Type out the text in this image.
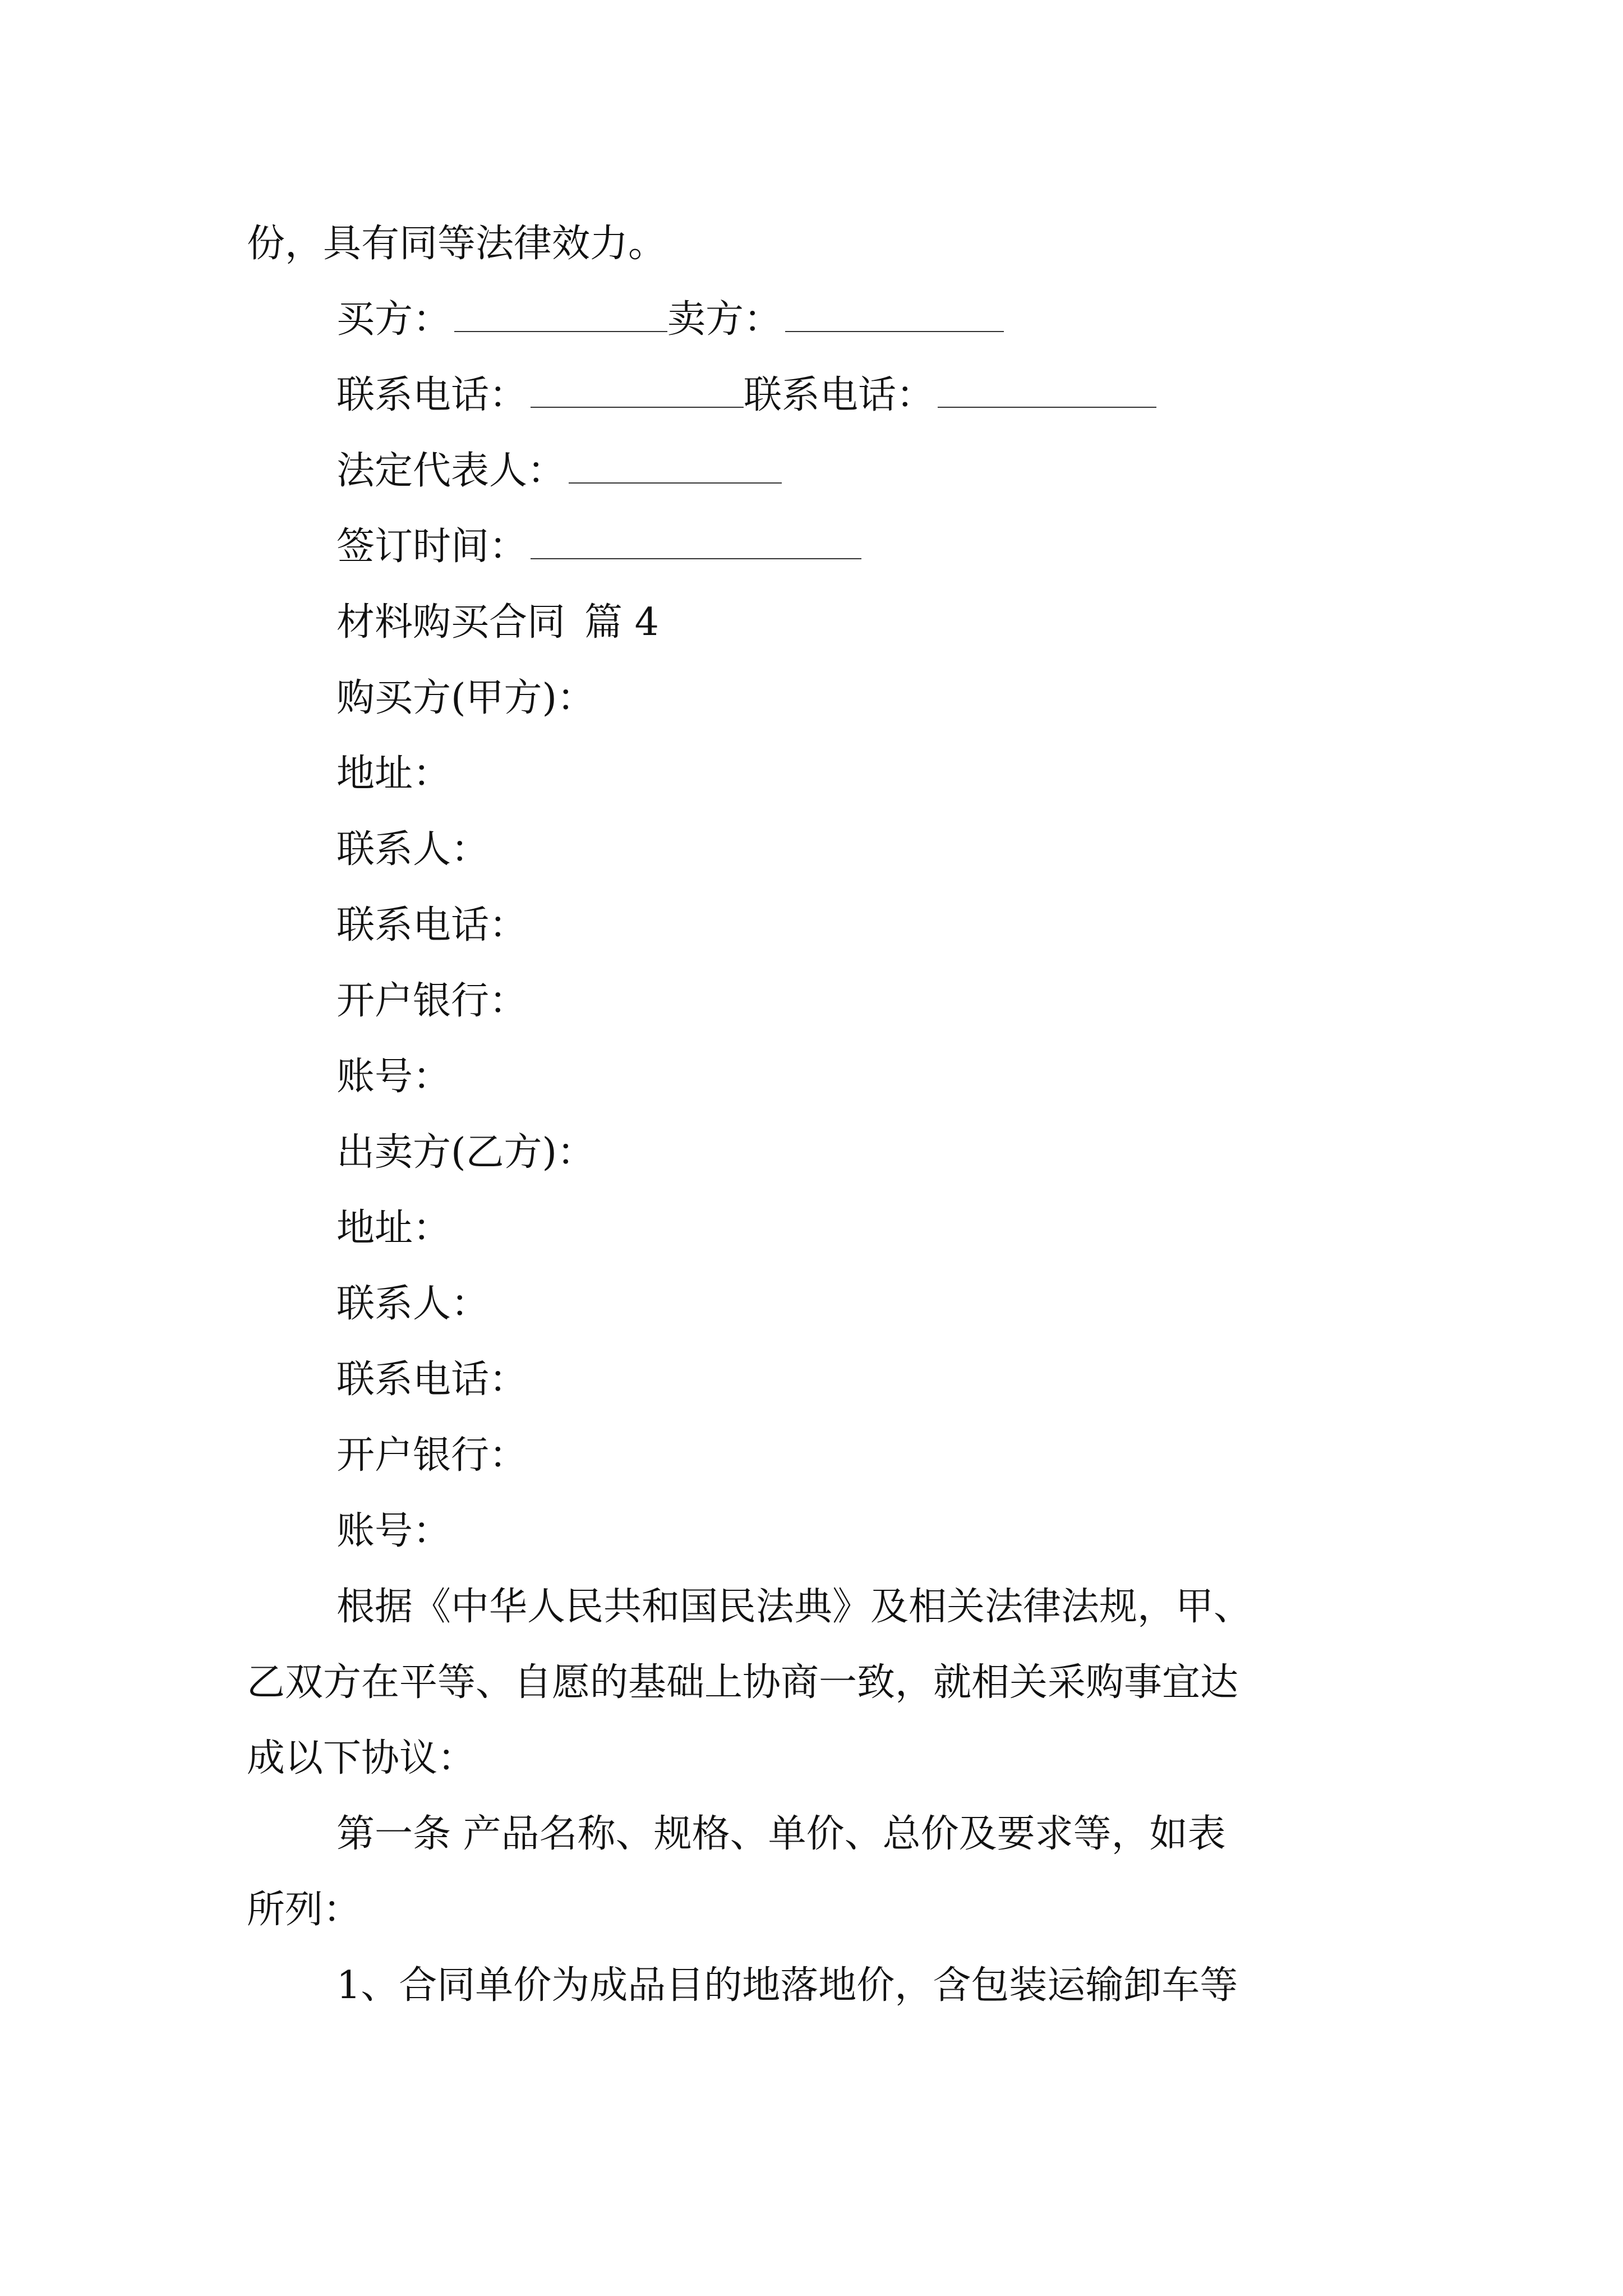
份，具有同等法律效力。
买方：	卖方：
联系电话：	联系电话：
法定代表人：
签订时间：
材料购买合同 篇 4
购买方(甲方)：
地址：
联系人：
联系电话：
开户银行：
账号：
出卖方(乙方)：
地址：
联系人：
联系电话：
开户银行：
账号：
根据《中华人民共和国民法典》及相关法律法规，甲、
乙双方在平等、自愿的基础上协商一致，就相关采购事宜达
成以下协议：
第一条 产品名称、规格、单价、总价及要求等，如表
所列：
1、合同单价为成品目的地落地价，含包装运输卸车等
